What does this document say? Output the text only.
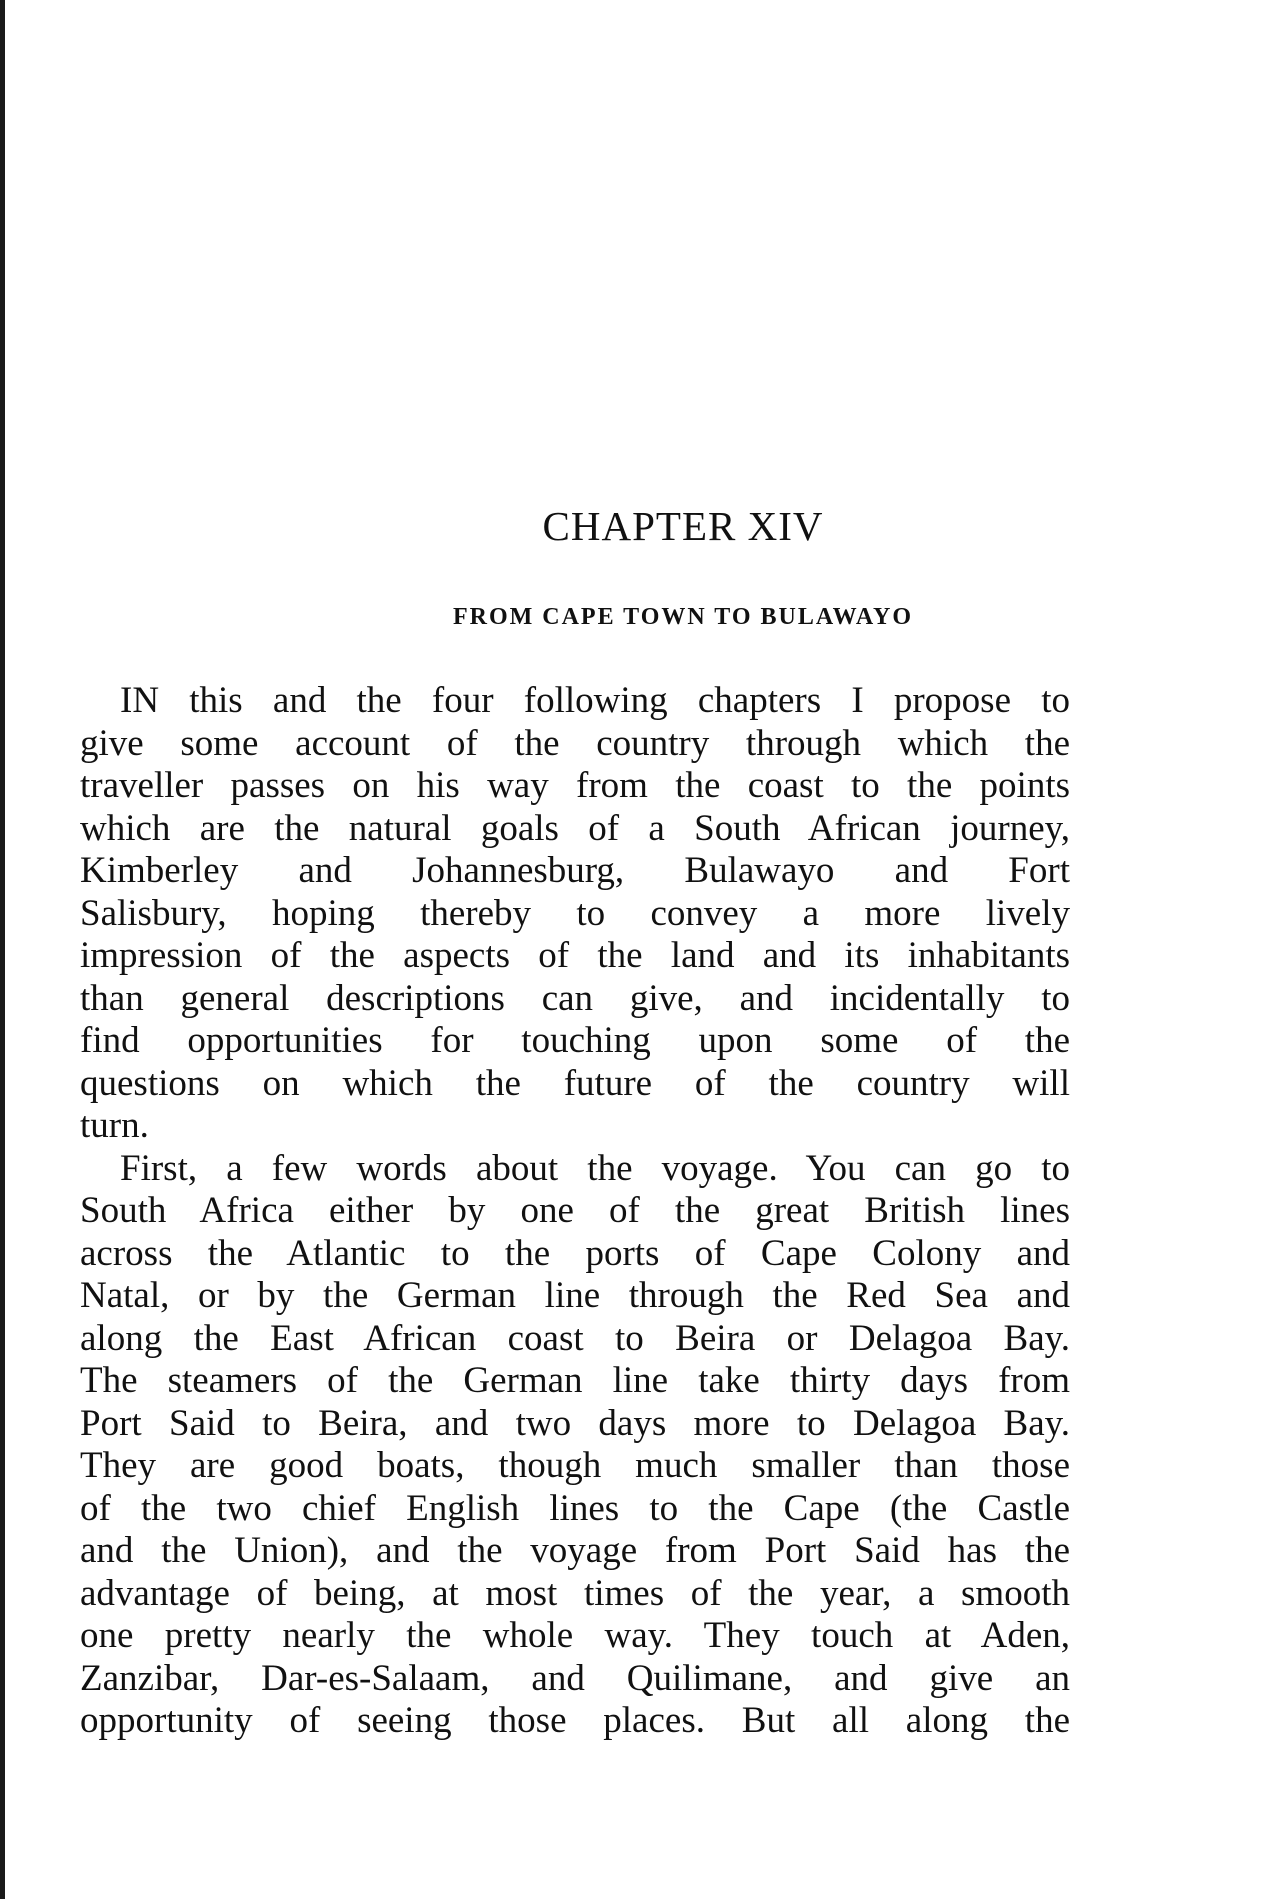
CHAPTER XIV
FROM CAPE TOWN TO BULAWAYO

IN this and the four following chapters I propose to
give some account of the country through which the
traveller passes on his way from the coast to the points
which are the natural goals of a South African journey,
Kimberley and Johannesburg, Bulawayo and Fort
Salisbury, hoping thereby to convey a more lively
impression of the aspects of the land and its inhabitants
than general descriptions can give, and incidentally to
find opportunities for touching upon some of the
questions on which the future of the country will
turn.

First, a few words about the voyage. You can go to
South Africa either by one of the great British lines
across the Atlantic to the ports of Cape Colony and
Natal, or by the German line through the Red Sea and
along the East African coast to Beira or Delagoa Bay.
The steamers of the German line take thirty days from
Port Said to Beira, and two days more to Delagoa Bay.
They are good boats, though much smaller than those
of the two chief English lines to the Cape (the Castle
and the Union), and the voyage from Port Said has the
advantage of being, at most times of the year, a smooth
one pretty nearly the whole way. They touch at Aden,
Zanzibar, Dar-es-Salaam, and Quilimane, and give an
opportunity of seeing those places. But all along the
